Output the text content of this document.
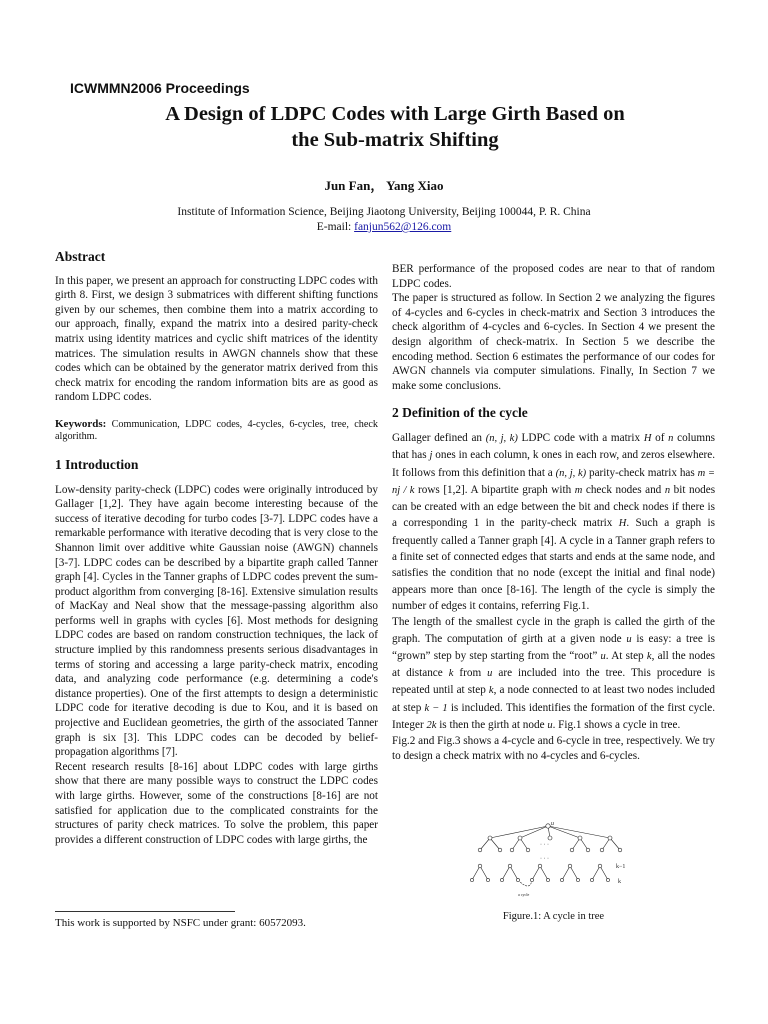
ICWMMN2006 Proceedings
A Design of LDPC Codes with Large Girth Based on
the Sub-matrix Shifting
Jun Fan， Yang Xiao
Institute of Information Science, Beijing Jiaotong University, Beijing 100044, P. R. China
E-mail: fanjun562@126.com
Abstract
In this paper, we present an approach for constructing LDPC codes with girth 8. First, we design 3 submatrices with different shifting functions given by our schemes, then combine them into a matrix according to our approach, finally, expand the matrix into a desired parity-check matrix using identity matrices and cyclic shift matrices of the identity matrices. The simulation results in AWGN channels show that these codes which can be obtained by the generator matrix derived from this check matrix for encoding the random information bits are as good as random LDPC codes.
Keywords: Communication, LDPC codes, 4-cycles, 6-cycles, tree, check algorithm.
1 Introduction
Low-density parity-check (LDPC) codes were originally introduced by Gallager [1,2]. They have again become interesting because of the success of iterative decoding for turbo codes [3-7]. LDPC codes have a remarkable performance with iterative decoding that is very close to the Shannon limit over additive white Gaussian noise (AWGN) channels [3-7]. LDPC codes can be described by a bipartite graph called Tanner graph [4]. Cycles in the Tanner graphs of LDPC codes prevent the sum-product algorithm from converging [8-16]. Extensive simulation results of MacKay and Neal show that the message-passing algorithm also performs well in graphs with cycles [6]. Most methods for designing LDPC codes are based on random construction techniques, the lack of structure implied by this randomness presents serious disadvantages in terms of storing and accessing a large parity-check matrix, encoding data, and analyzing code performance (e.g. determining a code's distance properties). One of the first attempts to design a deterministic LDPC code for iterative decoding is due to Kou, and it is based on projective and Euclidean geometries, the girth of the associated Tanner graph is six [3]. This LDPC codes can be decoded by belief-propagation algorithms [7].
Recent research results [8-16] about LDPC codes with large girths show that there are many possible ways to construct the LDPC codes with large girths. However, some of the constructions [8-16] are not satisfied for application due to the complicated constraints for the structures of parity check matrices. To solve the problem, this paper provides a different construction of LDPC codes with large girths, the
BER performance of the proposed codes are near to that of random LDPC codes.
The paper is structured as follow. In Section 2 we analyzing the figures of 4-cycles and 6-cycles in check-matrix and Section 3 introduces the check algorithm of 4-cycles and 6-cycles. In Section 4 we present the design algorithm of check-matrix. In Section 5 we describe the encoding method. Section 6 estimates the performance of our codes for AWGN channels via computer simulations. Finally, In Section 7 we make some conclusions.
2 Definition of the cycle
Gallager defined an (n, j, k) LDPC code with a matrix H of n columns that has j ones in each column, k ones in each row, and zeros elsewhere. It follows from this definition that a (n, j, k) parity-check matrix has m = nj / k rows [1,2]. A bipartite graph with m check nodes and n bit nodes can be created with an edge between the bit and check nodes if there is a corresponding 1 in the parity-check matrix H. Such a graph is frequently called a Tanner graph [4]. A cycle in a Tanner graph refers to a finite set of connected edges that starts and ends at the same node, and satisfies the condition that no node (except the initial and final node) appears more than once [8-16]. The length of the cycle is simply the number of edges it contains, referring Fig.1.
The length of the smallest cycle in the graph is called the girth of the graph. The computation of girth at a given node u is easy: a tree is “grown” step by step starting from the “root” u. At step k, all the nodes at distance k from u are included into the tree. This procedure is repeated until at step k, a node connected to at least two nodes included at step k − 1 is included. This identifies the formation of the first cycle. Integer 2k is then the girth at node u. Fig.1 shows a cycle in tree.
Fig.2 and Fig.3 shows a 4-cycle and 6-cycle in tree, respectively. We try to design a check matrix with no 4-cycles and 6-cycles.
u
k−1
k
a cycle
· · ·
· · ·
Figure.1: A cycle in tree
This work is supported by NSFC under grant: 60572093.
